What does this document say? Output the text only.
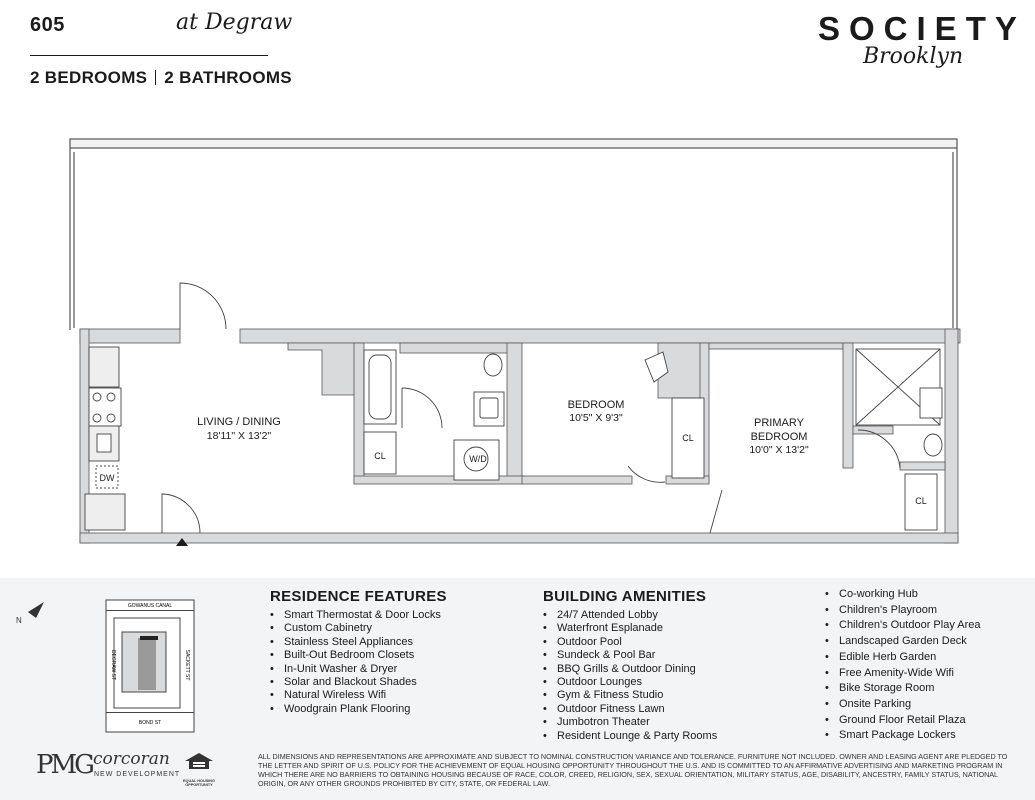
605	at Degraw
2 BEDROOMS 2 BATHROOMS
SOCIETY
Brooklyn
LIVING / DINING
18'11" X 13'2"
BEDROOM
10'5" X 9'3"	PRIMARY
BEDROOM
10'0" X 13'2"
DW
W/D
CL
CL
CL
N
GOWANUS CANAL
BOND ST
DEGRAW ST	SACKETT ST
RESIDENCE FEATURES
• Smart Thermostat & Door Locks
• Custom Cabinetry
• Stainless Steel Appliances
• Built-Out Bedroom Closets
• In-Unit Washer & Dryer
• Solar and Blackout Shades
• Natural Wireless Wifi
• Woodgrain Plank Flooring
BUILDING AMENITIES
• 24/7 Attended Lobby
• Waterfront Esplanade
• Outdoor Pool
• Sundeck & Pool Bar
• BBQ Grills & Outdoor Dining
• Outdoor Lounges
• Gym & Fitness Studio
• Outdoor Fitness Lawn
• Jumbotron Theater
• Resident Lounge & Party Rooms
• Co-working Hub
• Children's Playroom
• Children's Outdoor Play Area
• Landscaped Garden Deck
• Edible Herb Garden
• Free Amenity-Wide Wifi
• Bike Storage Room
• Onsite Parking
• Ground Floor Retail Plaza
• Smart Package Lockers
PMG corcoran
NEW DEVELOPMENT
EQUAL HOUSING OPPORTUNITY
ALL DIMENSIONS AND REPRESENTATIONS ARE APPROXIMATE AND SUBJECT TO NOMINAL CONSTRUCTION VARIANCE AND TOLERANCE. FURNITURE NOT INCLUDED. OWNER AND LEASING AGENT ARE PLEDGED TO THE LETTER AND SPIRIT OF U.S. POLICY FOR THE ACHIEVEMENT OF EQUAL HOUSING OPPORTUNITY THROUGHOUT THE U.S. AND IS COMMITTED TO AN AFFIRMATIVE ADVERTISING AND MARKETING PROGRAM IN WHICH THERE ARE NO BARRIERS TO OBTAINING HOUSING BECAUSE OF RACE, COLOR, CREED, RELIGION, SEX, SEXUAL ORIENTATION, MILITARY STATUS, AGE, DISABILITY, ANCESTRY, FAMILY STATUS, NATIONAL ORIGIN, OR ANY OTHER GROUNDS PROHIBITED BY CITY, STATE, OR FEDERAL LAW.
